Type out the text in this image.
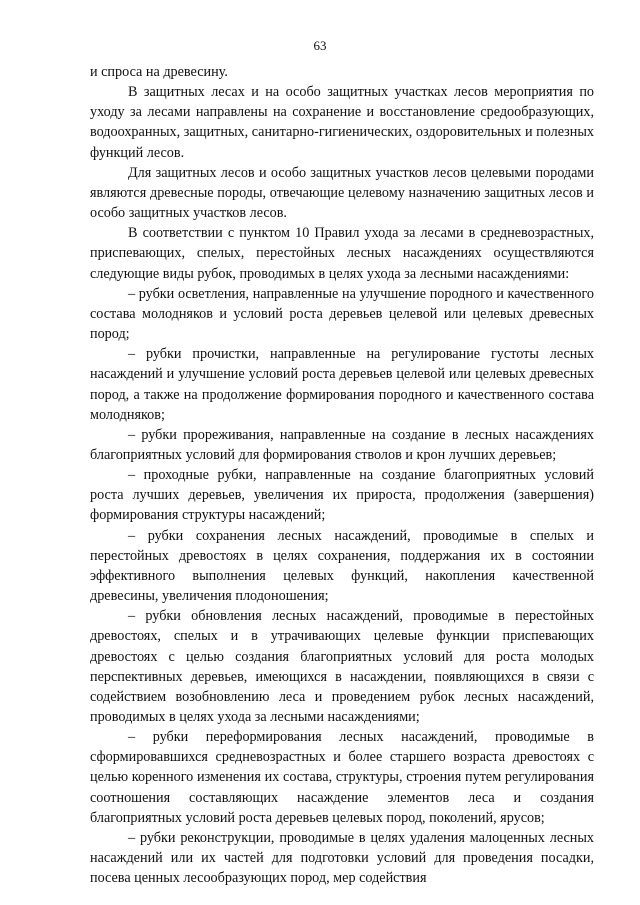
63

и спроса на древесину.

В защитных лесах и на особо защитных участках лесов мероприятия по уходу за лесами направлены на сохранение и восстановление средообразующих, водоохранных, защитных, санитарно-гигиенических, оздоровительных и полезных функций лесов.

Для защитных лесов и особо защитных участков лесов целевыми породами являются древесные породы, отвечающие целевому назначению защитных лесов и особо защитных участков лесов.

В соответствии с пунктом 10 Правил ухода за лесами в средневозрастных, приспевающих, спелых, перестойных лесных насаждениях осуществляются следующие виды рубок, проводимых в целях ухода за лесными насаждениями:

– рубки осветления, направленные на улучшение породного и качественного состава молодняков и условий роста деревьев целевой или целевых древесных пород;

– рубки прочистки, направленные на регулирование густоты лесных насаждений и улучшение условий роста деревьев целевой или целевых древесных пород, а также на продолжение формирования породного и качественного состава молодняков;

– рубки прореживания, направленные на создание в лесных насаждениях благоприятных условий для формирования стволов и крон лучших деревьев;

– проходные рубки, направленные на создание благоприятных условий роста лучших деревьев, увеличения их прироста, продолжения (завершения) формирования структуры насаждений;

– рубки сохранения лесных насаждений, проводимые в спелых и перестойных древостоях в целях сохранения, поддержания их в состоянии эффективного выполнения целевых функций, накопления качественной древесины, увеличения плодоношения;

– рубки обновления лесных насаждений, проводимые в перестойных древостоях, спелых и в утрачивающих целевые функции приспевающих древостоях с целью создания благоприятных условий для роста молодых перспективных деревьев, имеющихся в насаждении, появляющихся в связи с содействием возобновлению леса и проведением рубок лесных насаждений, проводимых в целях ухода за лесными насаждениями;

– рубки переформирования лесных насаждений, проводимые в сформировавшихся средневозрастных и более старшего возраста древостоях с целью коренного изменения их состава, структуры, строения путем регулирования соотношения составляющих насаждение элементов леса и создания благоприятных условий роста деревьев целевых пород, поколений, ярусов;

– рубки реконструкции, проводимые в целях удаления малоценных лесных насаждений или их частей для подготовки условий для проведения посадки, посева ценных лесообразующих пород, мер содействия
